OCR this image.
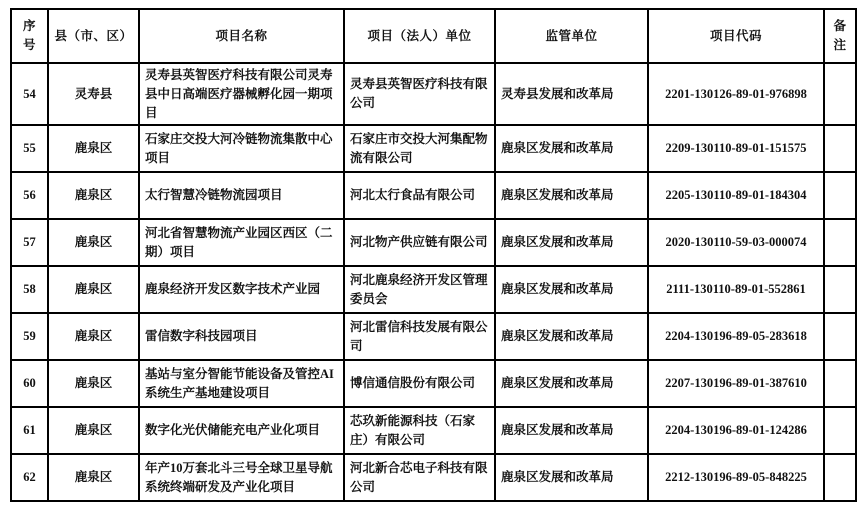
序号	县（市、区）	项目名称	项目（法人）单位	监管单位	项目代码	备注
54	灵寿县	灵寿县英智医疗科技有限公司灵寿县中日高端医疗器械孵化园一期项目	灵寿县英智医疗科技有限公司	灵寿县发展和改革局	2201-130126-89-01-976898	
55	鹿泉区	石家庄交投大河冷链物流集散中心项目	石家庄市交投大河集配物流有限公司	鹿泉区发展和改革局	2209-130110-89-01-151575	
56	鹿泉区	太行智慧冷链物流园项目	河北太行食品有限公司	鹿泉区发展和改革局	2205-130110-89-01-184304	
57	鹿泉区	河北省智慧物流产业园区西区（二期）项目	河北物产供应链有限公司	鹿泉区发展和改革局	2020-130110-59-03-000074	
58	鹿泉区	鹿泉经济开发区数字技术产业园	河北鹿泉经济开发区管理委员会	鹿泉区发展和改革局	2111-130110-89-01-552861	
59	鹿泉区	雷信数字科技园项目	河北雷信科技发展有限公司	鹿泉区发展和改革局	2204-130196-89-05-283618	
60	鹿泉区	基站与室分智能节能设备及管控AI系统生产基地建设项目	博信通信股份有限公司	鹿泉区发展和改革局	2207-130196-89-01-387610	
61	鹿泉区	数字化光伏储能充电产业化项目	芯玖新能源科技（石家庄）有限公司	鹿泉区发展和改革局	2204-130196-89-01-124286	
62	鹿泉区	年产10万套北斗三号全球卫星导航系统终端研发及产业化项目	河北新合芯电子科技有限公司	鹿泉区发展和改革局	2212-130196-89-05-848225	
